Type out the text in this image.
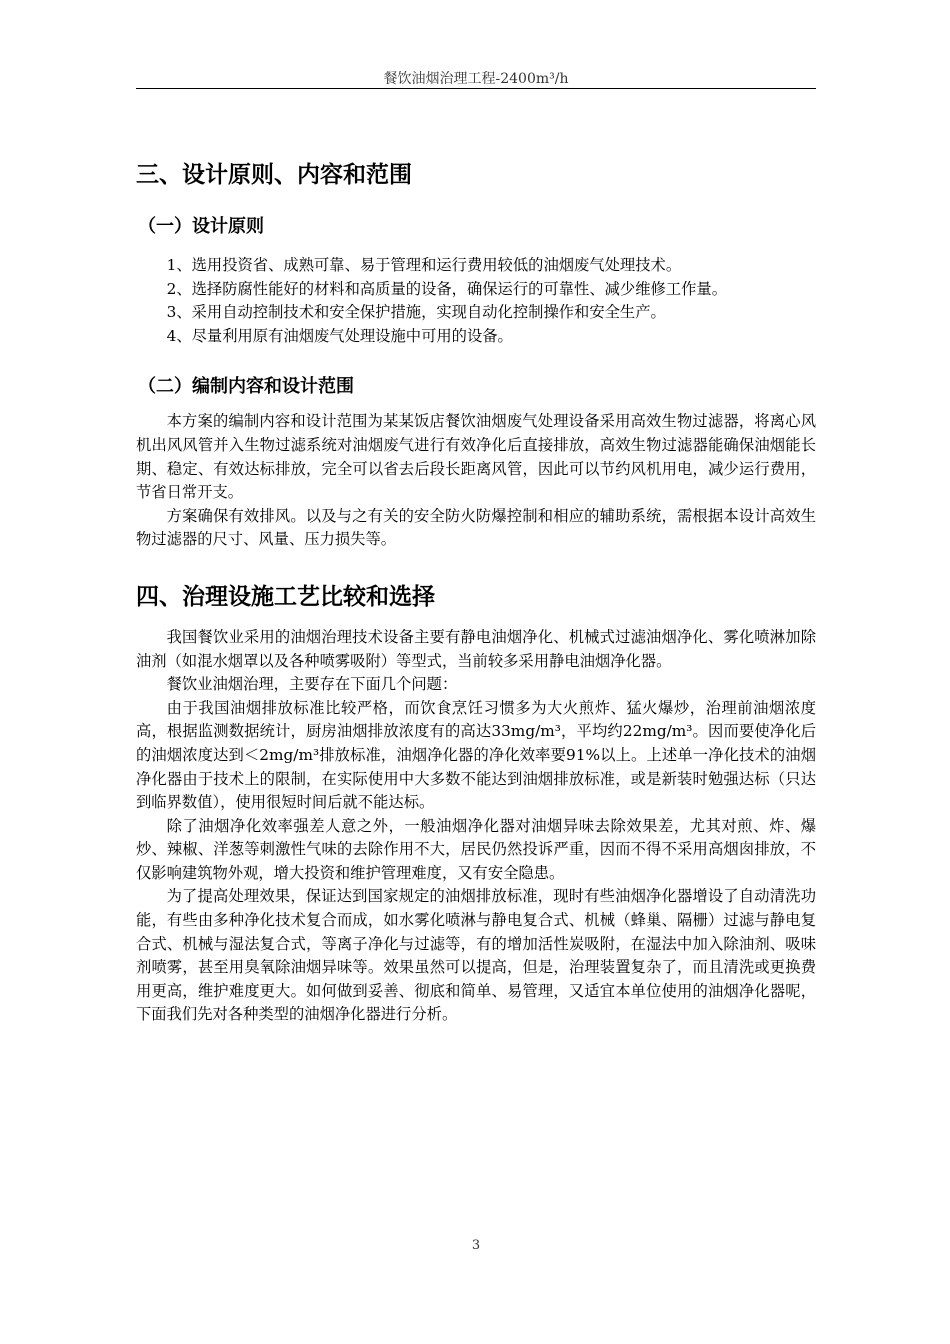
餐饮油烟治理工程-2400m³/h
三、设计原则、内容和范围
（一）设计原则

1、选用投资省、成熟可靠、易于管理和运行费用较低的油烟废气处理技术。

2、选择防腐性能好的材料和高质量的设备，确保运行的可靠性、减少维修工作量。

3、采用自动控制技术和安全保护措施，实现自动化控制操作和安全生产。

4、尽量利用原有油烟废气处理设施中可用的设备。

（二）编制内容和设计范围

本方案的编制内容和设计范围为某某饭店餐饮油烟废气处理设备采用高效生物过滤器，将离心风机出风风管并入生物过滤系统对油烟废气进行有效净化后直接排放，高效生物过滤器能确保油烟能长期、稳定、有效达标排放，完全可以省去后段长距离风管，因此可以节约风机用电，减少运行费用，节省日常开支。

方案确保有效排风。以及与之有关的安全防火防爆控制和相应的辅助系统，需根据本设计高效生物过滤器的尺寸、风量、压力损失等。

四、治理设施工艺比较和选择

我国餐饮业采用的油烟治理技术设备主要有静电油烟净化、机械式过滤油烟净化、雾化喷淋加除油剂（如混水烟罩以及各种喷雾吸附）等型式，当前较多采用静电油烟净化器。

餐饮业油烟治理，主要存在下面几个问题：

由于我国油烟排放标准比较严格，而饮食烹饪习惯多为大火煎炸、猛火爆炒，治理前油烟浓度高，根据监测数据统计，厨房油烟排放浓度有的高达33mg/m³，平均约22mg/m³。因而要使净化后的油烟浓度达到＜2mg/m³排放标准，油烟净化器的净化效率要91%以上。上述单一净化技术的油烟净化器由于技术上的限制，在实际使用中大多数不能达到油烟排放标准，或是新装时勉强达标（只达到临界数值），使用很短时间后就不能达标。

除了油烟净化效率强差人意之外，一般油烟净化器对油烟异味去除效果差，尤其对煎、炸、爆炒、辣椒、洋葱等刺激性气味的去除作用不大，居民仍然投诉严重，因而不得不采用高烟囱排放，不仅影响建筑物外观，增大投资和维护管理难度，又有安全隐患。

为了提高处理效果，保证达到国家规定的油烟排放标准，现时有些油烟净化器增设了自动清洗功能，有些由多种净化技术复合而成，如水雾化喷淋与静电复合式、机械（蜂巢、隔栅）过滤与静电复合式、机械与湿法复合式，等离子净化与过滤等，有的增加活性炭吸附，在湿法中加入除油剂、吸味剂喷雾，甚至用臭氧除油烟异味等。效果虽然可以提高，但是，治理装置复杂了，而且清洗或更换费用更高，维护难度更大。如何做到妥善、彻底和简单、易管理，又适宜本单位使用的油烟净化器呢，下面我们先对各种类型的油烟净化器进行分析。

3
